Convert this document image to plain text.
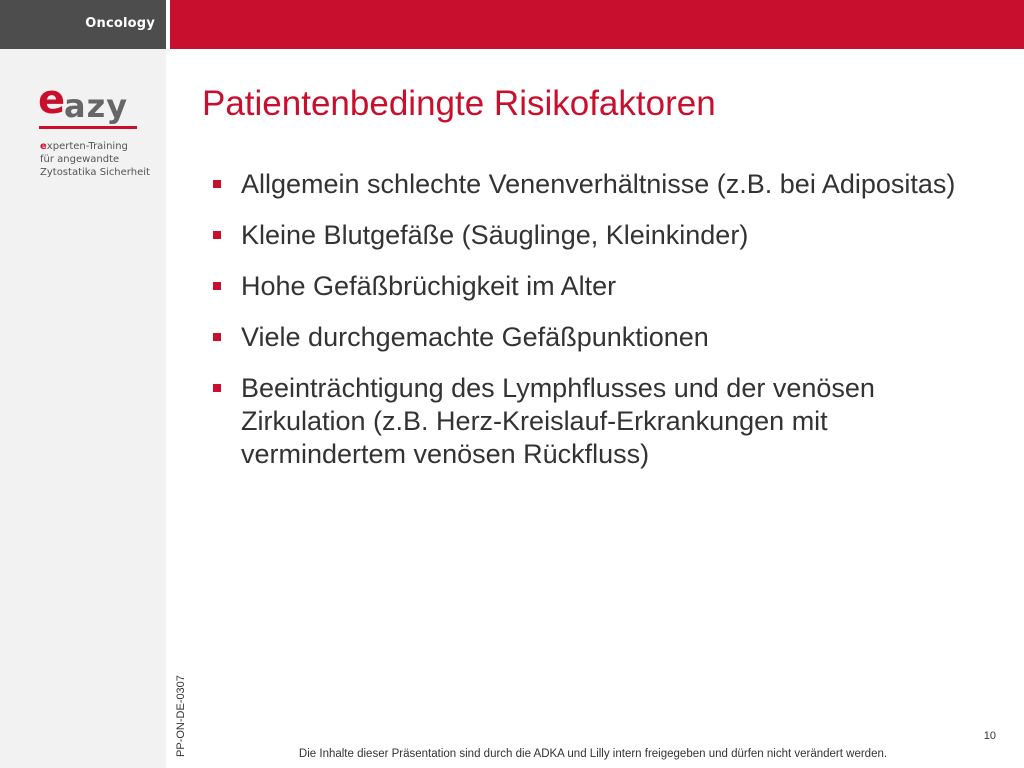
Oncology
e
azy
experten-Training
für angewandte
Zytostatika Sicherheit
PP-ON-DE-0307
Patientenbedingte Risikofaktoren
Allgemein schlechte Venenverhältnisse (z.B. bei Adipositas)
Kleine Blutgefäße (Säuglinge, Kleinkinder)
Hohe Gefäßbrüchigkeit im Alter
Viele durchgemachte Gefäßpunktionen
Beeinträchtigung des Lymphflusses und der venösen Zirkulation (z.B. Herz-Kreislauf-Erkrankungen mit vermindertem venösen Rückfluss)
10
Die Inhalte dieser Präsentation sind durch die ADKA und Lilly intern freigegeben und dürfen nicht verändert werden.
